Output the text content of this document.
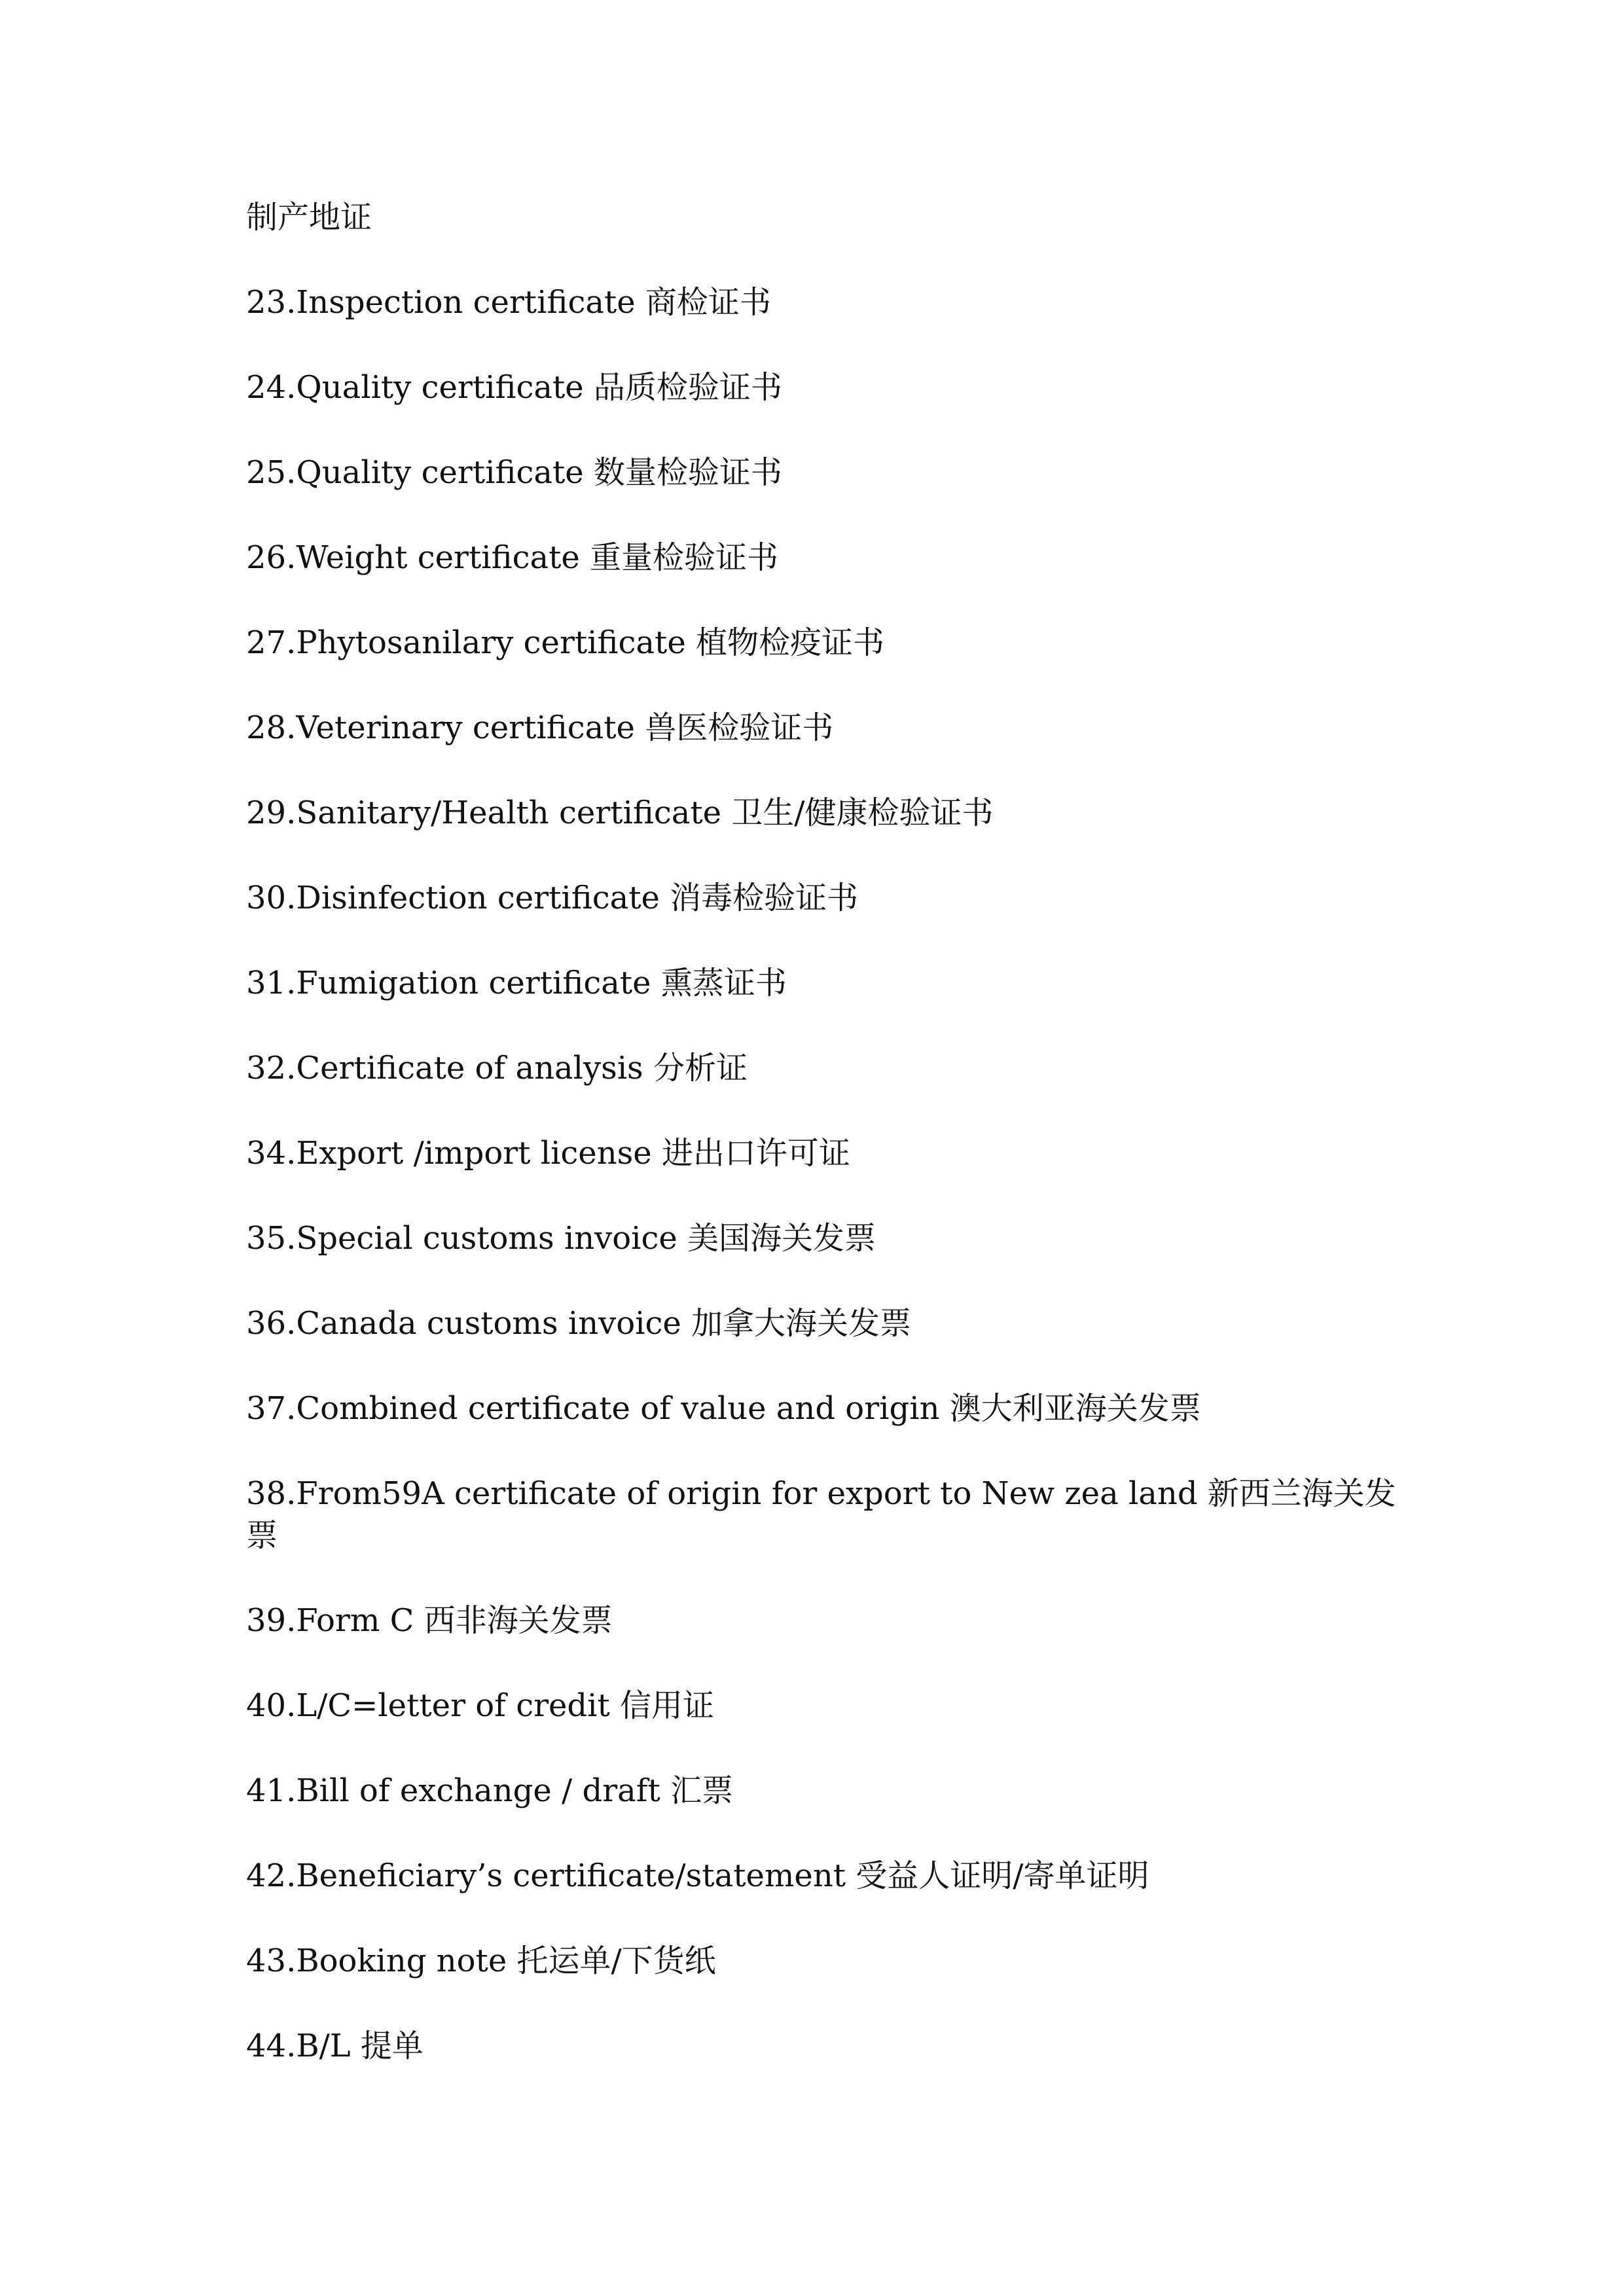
制产地证

23.Inspection certificate 商检证书

24.Quality certificate 品质检验证书

25.Quality certificate 数量检验证书

26.Weight certificate 重量检验证书

27.Phytosanilary certificate 植物检疫证书

28.Veterinary certificate 兽医检验证书

29.Sanitary/Health certificate 卫生/健康检验证书

30.Disinfection certificate 消毒检验证书

31.Fumigation certificate 熏蒸证书

32.Certificate of analysis 分析证

34.Export /import license 进出口许可证

35.Special customs invoice 美国海关发票

36.Canada customs invoice 加拿大海关发票

37.Combined certificate of value and origin 澳大利亚海关发票

38.From59A certificate of origin for export to New zea land 新西兰海关发票

39.Form C 西非海关发票

40.L/C=letter of credit 信用证

41.Bill of exchange / draft 汇票

42.Beneficiary’s certificate/statement 受益人证明/寄单证明

43.Booking note 托运单/下货纸

44.B/L 提单
